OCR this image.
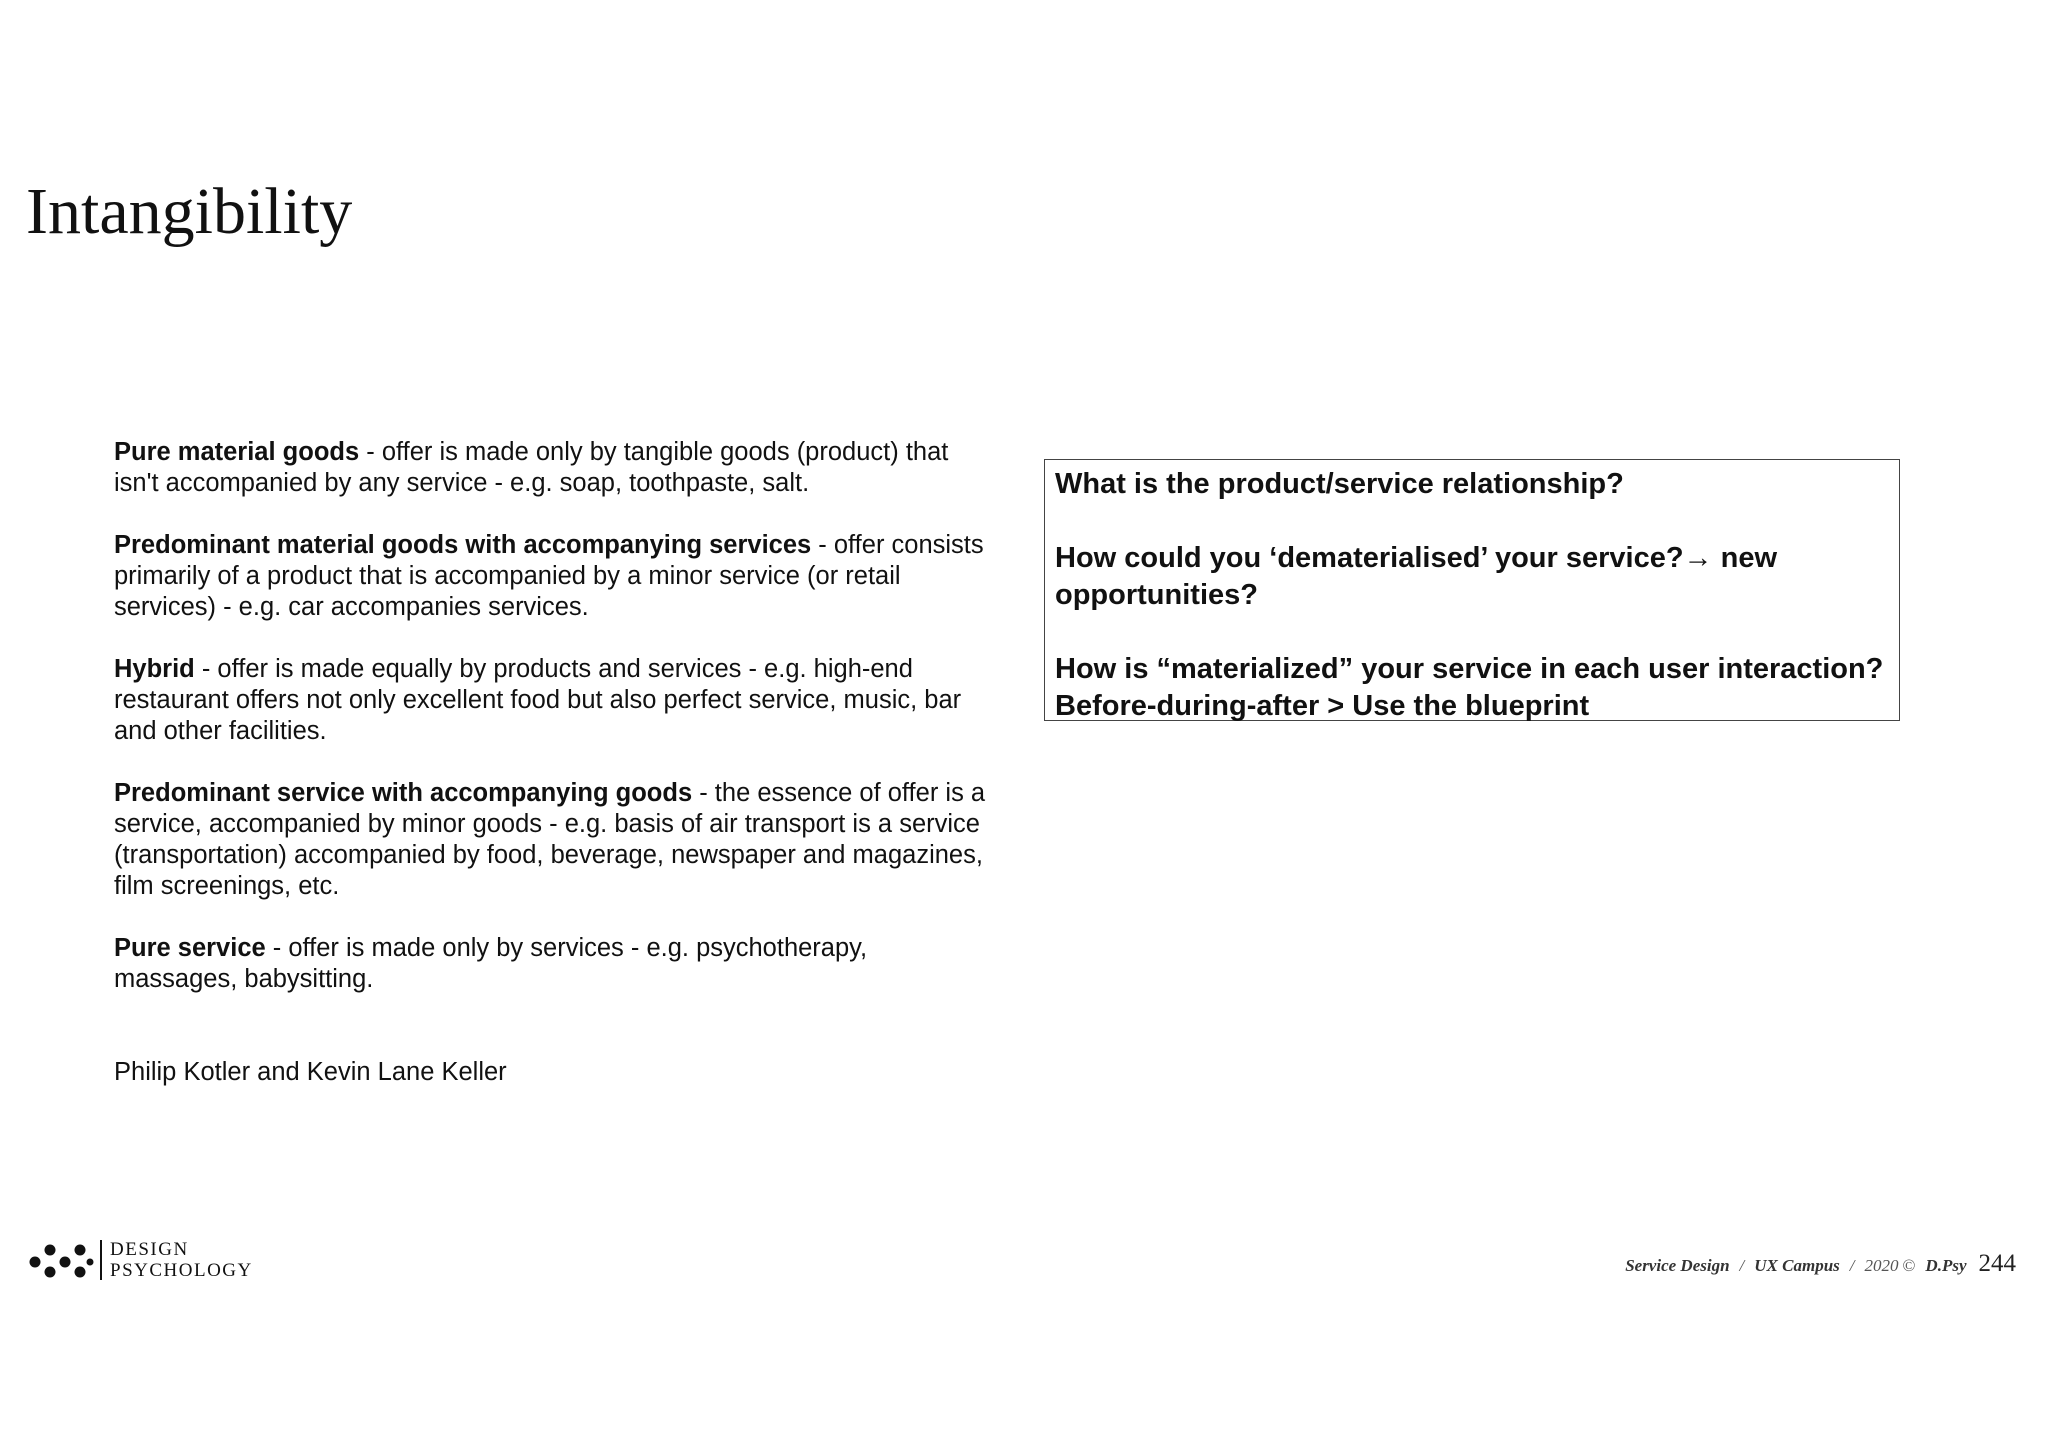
Intangibility

Pure material goods - offer is made only by tangible goods (product) that isn't accompanied by any service - e.g. soap, toothpaste, salt.

Predominant material goods with accompanying services - offer consists primarily of a product that is accompanied by a minor service (or retail services) - e.g. car accompanies services.

Hybrid - offer is made equally by products and services - e.g. high-end restaurant offers not only excellent food but also perfect service, music, bar and other facilities.

Predominant service with accompanying goods - the essence of offer is a service, accompanied by minor goods - e.g. basis of air transport is a service (transportation) accompanied by food, beverage, newspaper and magazines, film screenings, etc.

Pure service - offer is made only by services - e.g. psychotherapy, massages, babysitting.

Philip Kotler and Kevin Lane Keller

What is the product/service relationship?

How could you ‘dematerialised’ your service?→ new opportunities?

How is “materialized” your service in each user interaction?
Before-during-after > Use the blueprint

DESIGN
PSYCHOLOGY	Service Design / UX Campus / 2020 © D.Psy 244
